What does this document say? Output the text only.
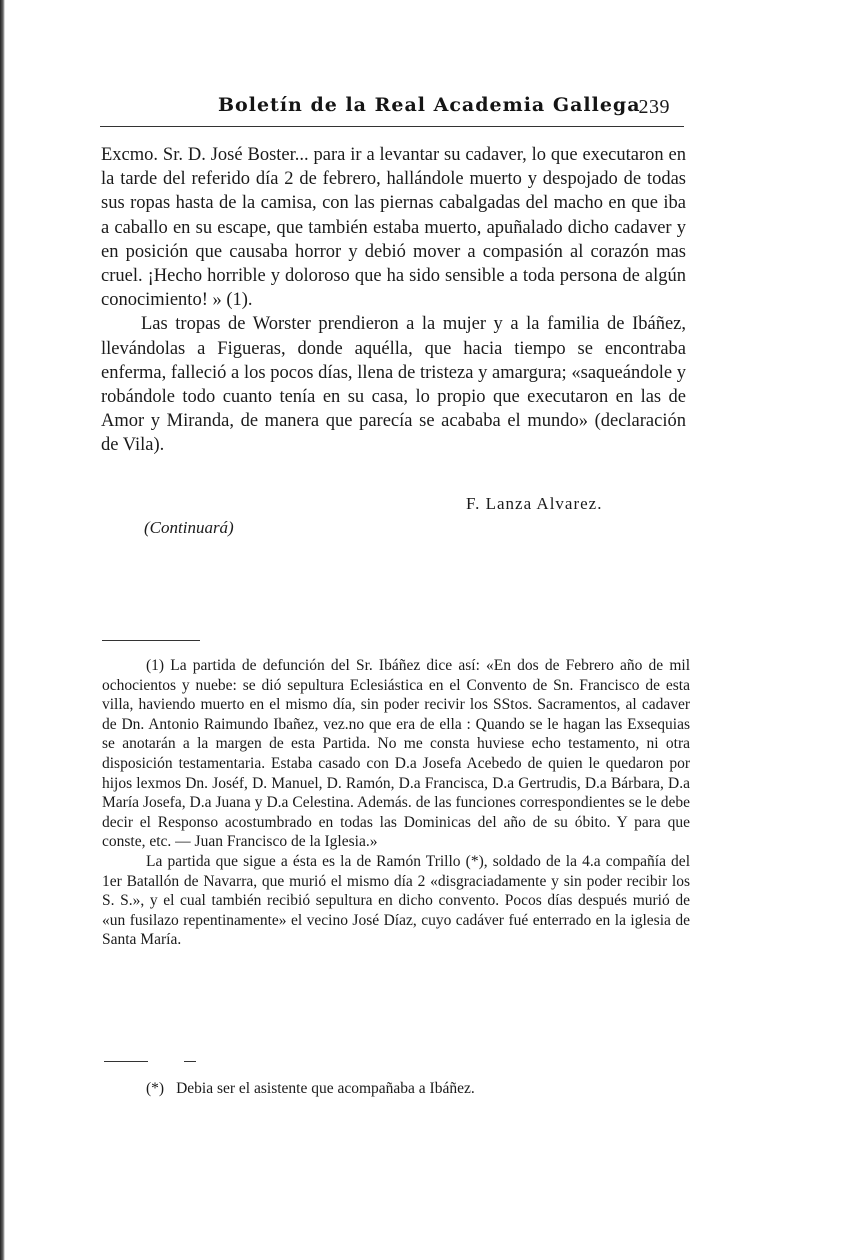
Boletín de la Real Academia Gallega
239

Excmo. Sr. D. José Boster... para ir a levantar su cadaver, lo que executaron en la tarde del referido día 2 de febrero, hallándole muerto y despojado de todas sus ropas hasta de la camisa, con las piernas cabalgadas del macho en que iba a caballo en su escape, que también estaba muerto, apuñalado dicho cadaver y en posición que causaba horror y debió mover a compasión al corazón mas cruel. ¡Hecho horrible y doloroso que ha sido sensible a toda persona de algún conocimiento! » (1).

Las tropas de Worster prendieron a la mujer y a la familia de Ibáñez, llevándolas a Figueras, donde aquélla, que hacia tiempo se encontraba enferma, falleció a los pocos días, llena de tristeza y amargura; «saqueándole y robándole todo cuanto tenía en su casa, lo propio que executaron en las de Amor y Miranda, de manera que parecía se acababa el mundo» (declaración de Vila).

F. Lanza Alvarez.
(Continuará)

(1) La partida de defunción del Sr. Ibáñez dice así: «En dos de Febrero año de mil ochocientos y nuebe: se dió sepultura Eclesiástica en el Convento de Sn. Francisco de esta villa, haviendo muerto en el mismo día, sin poder recivir los SStos. Sacramentos, al cadaver de Dn. Antonio Raimundo Ibañez, vez.no que era de ella : Quando se le hagan las Exsequias se anotarán a la margen de esta Partida. No me consta huviese echo testamento, ni otra disposición testamentaria. Estaba casado con D.a Josefa Acebedo de quien le quedaron por hijos lexmos Dn. Joséf, D. Manuel, D. Ramón, D.a Francisca, D.a Gertrudis, D.a Bárbara, D.a María Josefa, D.a Juana y D.a Celestina. Además. de las funciones correspondientes se le debe decir el Responso acostumbrado en todas las Dominicas del año de su óbito. Y para que conste, etc. — Juan Francisco de la Iglesia.»

La partida que sigue a ésta es la de Ramón Trillo (*), soldado de la 4.a compañía del 1er Batallón de Navarra, que murió el mismo día 2 «disgraciadamente y sin poder recibir los S. S.», y el cual también recibió sepultura en dicho convento. Pocos días después murió de «un fusilazo repentinamente» el vecino José Díaz, cuyo cadáver fué enterrado en la iglesia de Santa María.

(*) Debia ser el asistente que acompañaba a Ibáñez.
